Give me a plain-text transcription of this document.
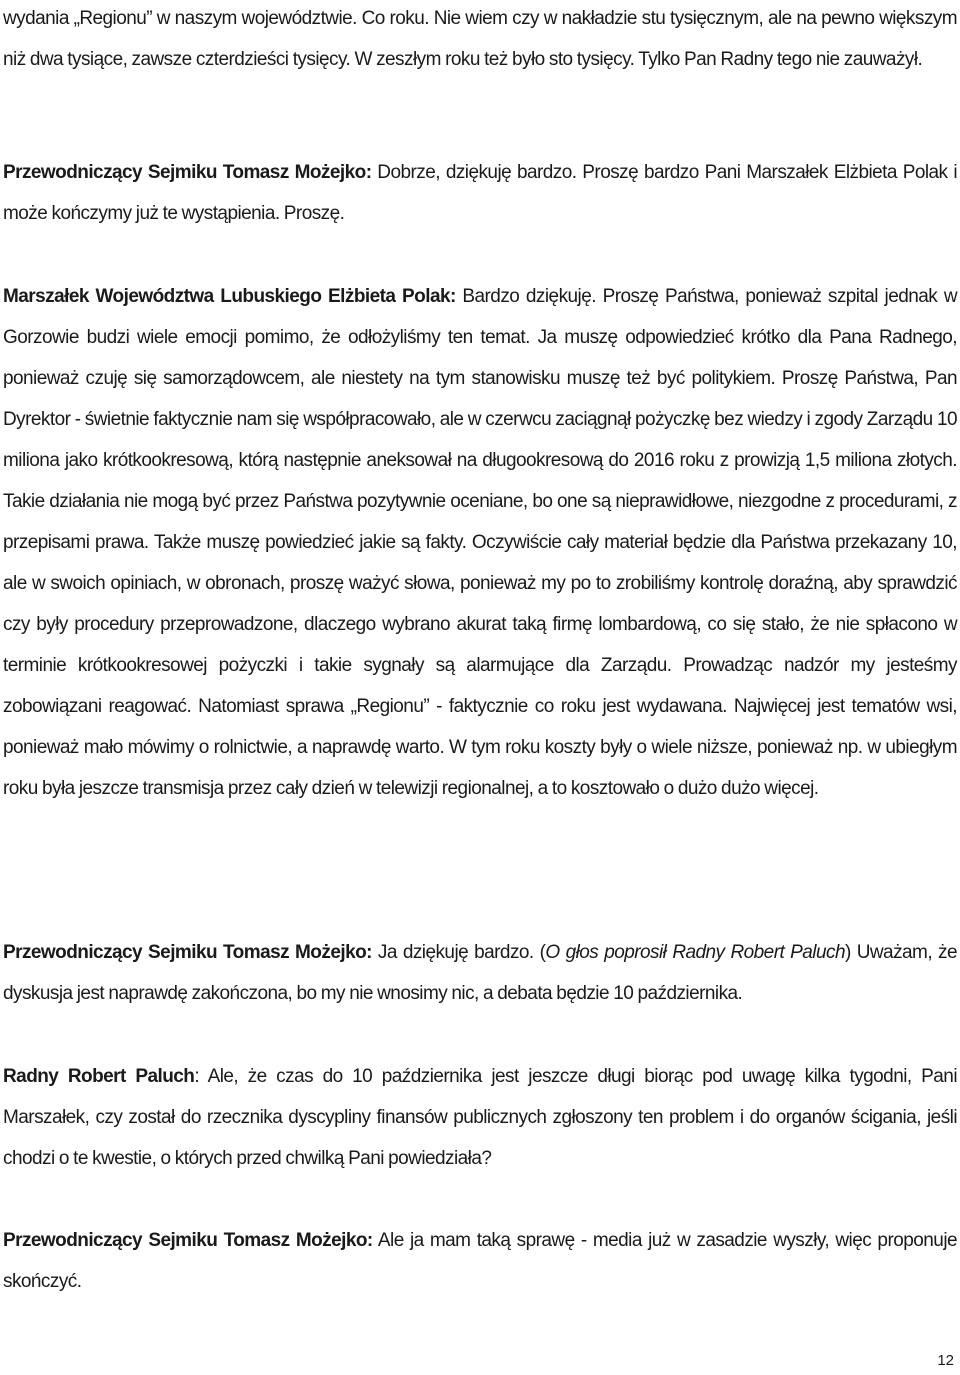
wydania „Regionu” w naszym województwie. Co roku. Nie wiem czy w nakładzie stu tysięcznym, ale na pewno większym niż dwa tysiące, zawsze czterdzieści tysięcy. W zeszłym roku też było sto tysięcy. Tylko Pan Radny tego nie zauważył.

Przewodniczący Sejmiku Tomasz Możejko: Dobrze, dziękuję bardzo. Proszę bardzo Pani Marszałek Elżbieta Polak i może kończymy już te wystąpienia. Proszę.

Marszałek Województwa Lubuskiego Elżbieta Polak: Bardzo dziękuję. Proszę Państwa, ponieważ szpital jednak w Gorzowie budzi wiele emocji pomimo, że odłożyliśmy ten temat. Ja muszę odpowiedzieć krótko dla Pana Radnego, ponieważ czuję się samorządowcem, ale niestety na tym stanowisku muszę też być politykiem. Proszę Państwa, Pan Dyrektor - świetnie faktycznie nam się współpracowało, ale w czerwcu zaciągnął pożyczkę bez wiedzy i zgody Zarządu 10 miliona jako krótkookresową, którą następnie aneksował na długookresową do 2016 roku z prowizją 1,5 miliona złotych. Takie działania nie mogą być przez Państwa pozytywnie oceniane, bo one są nieprawidłowe, niezgodne z procedurami, z przepisami prawa. Także muszę powiedzieć jakie są fakty. Oczywiście cały materiał będzie dla Państwa przekazany 10, ale w swoich opiniach, w obronach, proszę ważyć słowa, ponieważ my po to zrobiliśmy kontrolę doraźną, aby sprawdzić czy były procedury przeprowadzone, dlaczego wybrano akurat taką firmę lombardową, co się stało, że nie spłacono w terminie krótkookresowej pożyczki i takie sygnały są alarmujące dla Zarządu. Prowadząc nadzór my jesteśmy zobowiązani reagować. Natomiast sprawa „Regionu” - faktycznie co roku jest wydawana. Najwięcej jest tematów wsi, ponieważ mało mówimy o rolnictwie, a naprawdę warto. W tym roku koszty były o wiele niższe, ponieważ np. w ubiegłym roku była jeszcze transmisja przez cały dzień w telewizji regionalnej, a to kosztowało o dużo dużo więcej.

Przewodniczący Sejmiku Tomasz Możejko: Ja dziękuję bardzo. (O głos poprosił Radny Robert Paluch) Uważam, że dyskusja jest naprawdę zakończona, bo my nie wnosimy nic, a debata będzie 10 października.

Radny Robert Paluch: Ale, że czas do 10 października jest jeszcze długi biorąc pod uwagę kilka tygodni, Pani Marszałek, czy został do rzecznika dyscypliny finansów publicznych zgłoszony ten problem i do organów ścigania, jeśli chodzi o te kwestie, o których przed chwilką Pani powiedziała?

Przewodniczący Sejmiku Tomasz Możejko: Ale ja mam taką sprawę - media już w zasadzie wyszły, więc proponuje skończyć.

12
